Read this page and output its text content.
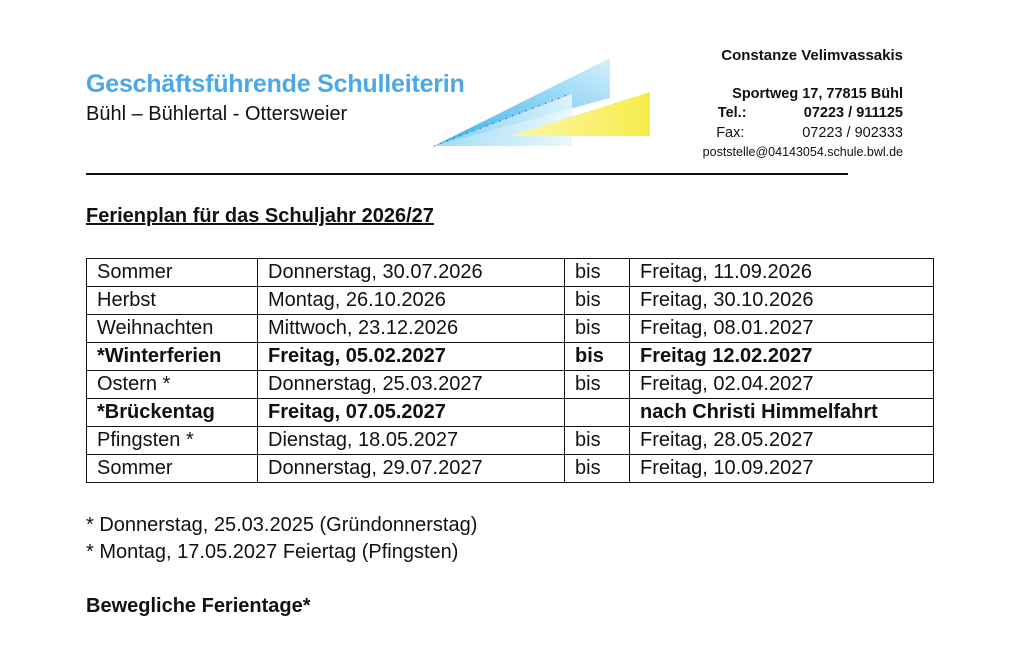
Geschäftsführende Schulleiterin
Bühl – Bühlertal - Ottersweier
Constanze Velimvassakis
Sportweg 17, 77815 Bühl
Tel.:	07223 / 911125
Fax:	07223 / 902333
poststelle@04143054.schule.bwl.de
Ferienplan für das Schuljahr 2026/27
Sommer	Donnerstag, 30.07.2026	bis	Freitag, 11.09.2026
Herbst	Montag, 26.10.2026	bis	Freitag, 30.10.2026
Weihnachten	Mittwoch, 23.12.2026	bis	Freitag, 08.01.2027
*Winterferien	Freitag, 05.02.2027	bis	Freitag 12.02.2027
Ostern *	Donnerstag, 25.03.2027	bis	Freitag, 02.04.2027
*Brückentag	Freitag, 07.05.2027		nach Christi Himmelfahrt
Pfingsten *	Dienstag, 18.05.2027	bis	Freitag, 28.05.2027
Sommer	Donnerstag, 29.07.2027	bis	Freitag, 10.09.2027
* Donnerstag, 25.03.2025 (Gründonnerstag)
* Montag, 17.05.2027 Feiertag (Pfingsten)
Bewegliche Ferientage*
